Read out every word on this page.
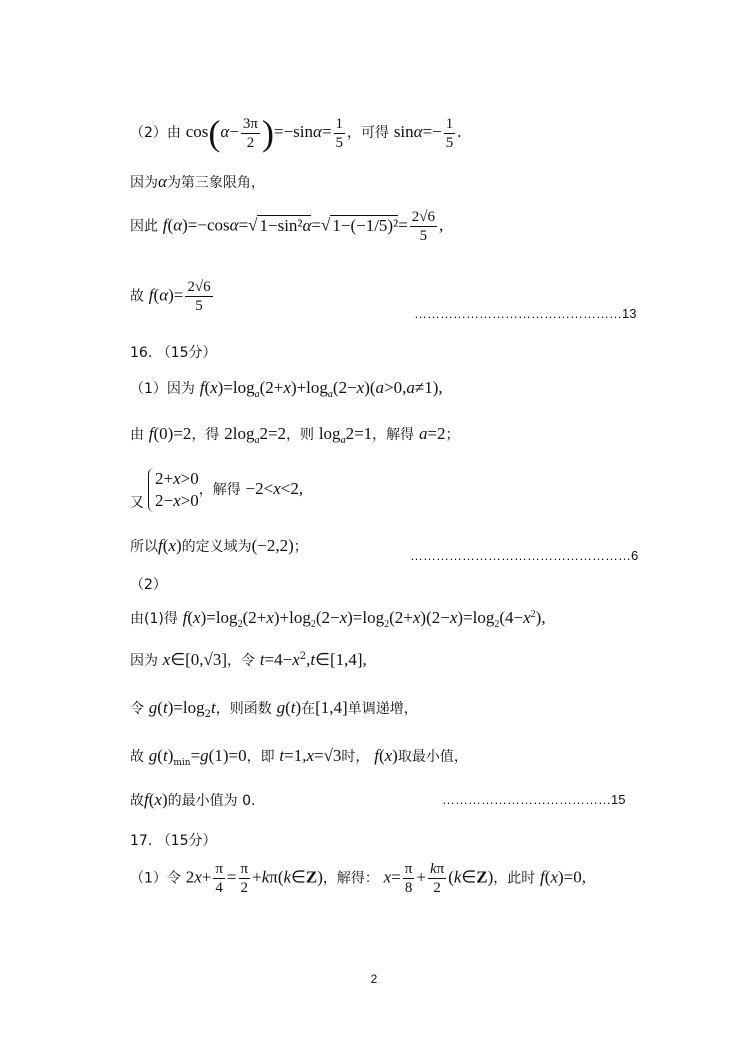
（2）由 $\cos(\alpha- \frac{3\pi}{2} )=-\sin\alpha= \frac{1}{5}$ ，可得 $\sin\alpha=- \frac{1}{5}$ .
因为α为第三象限角，
因此 f(α)=−cosα=√ 1−sin²α=√ $1-(-1/5)^2= \frac{2√6}{5}$ ,
故 $f(\alpha)= \frac{2√6}{5}$	…………………………………………13
16. （15分）
（1）因为 $f(x)=\log_a(2+x)+\log_a(2-x)(a>0,a\ne 1)$,
由 f(0)=2，得 $2\log_a2=2$，则 $\log_a2=1$，解得 a=2；
又2+x>0
2−x>0，解得 −2<x<2,
所以f(x)的定义域为(−2,2)；
……………………………………………6
（2）
由(1)得 $f(x)=\log_2(2+x)+\log_2(2-x)=\log_2(2+x)(2-x)=\log_2(4-x^2)$,
因为 x∈[0,√3]，令 $t=4-x^2,t\in[1,4]$,
令 $g(t)=\log_2t$，则函数 g(t)在[1,4]单调递增，
故 $g(t)_{min}=g(1)=0$，即 t=1,x=√3时， f(x)取最小值，
故f(x)的最小值为 0.	…………………………………15
17. （15分）
（1）令 $2x+ \frac{\pi}{4} = \frac{\pi}{2}$ +kπ(k∈Z)，解得： $x= \frac{\pi}{8} + \frac{k\pi}{2}$ (k∈Z)，此时 f(x)=0,
2
